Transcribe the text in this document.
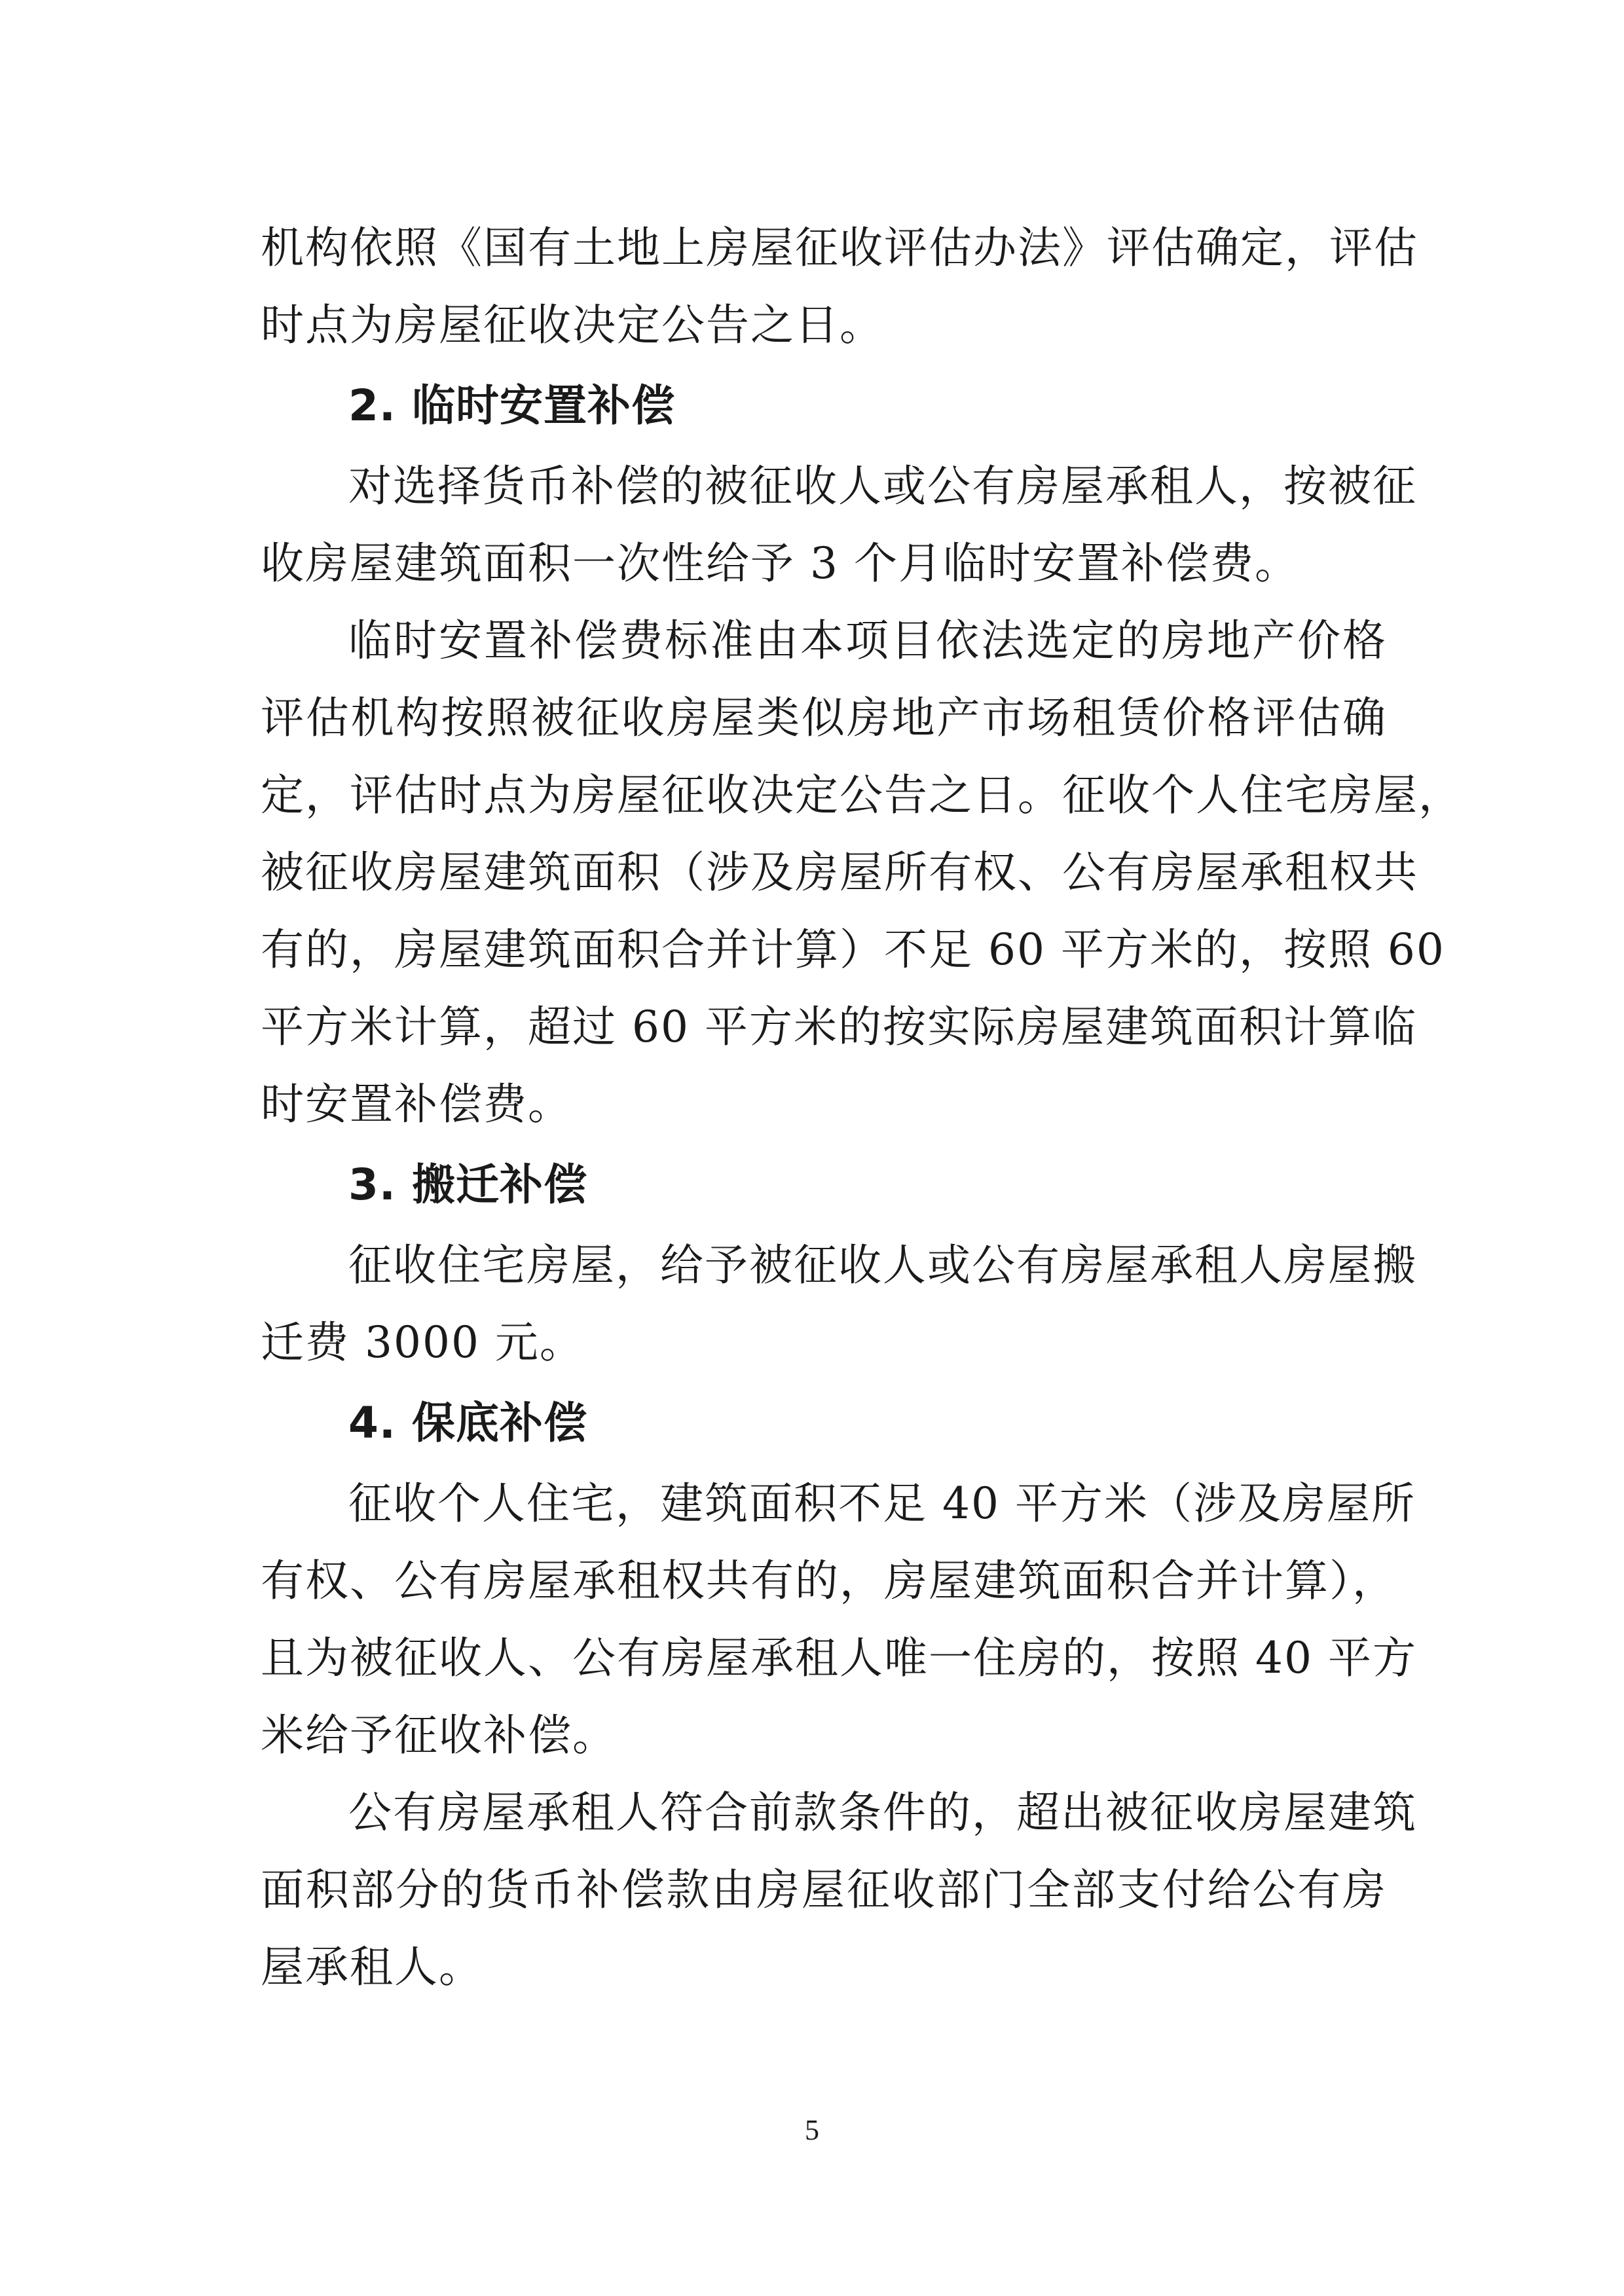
机构依照《国有土地上房屋征收评估办法》评估确定，评估
时点为房屋征收决定公告之日。
2. 临时安置补偿
对选择货币补偿的被征收人或公有房屋承租人，按被征
收房屋建筑面积一次性给予 3 个月临时安置补偿费。
临时安置补偿费标准由本项目依法选定的房地产价格
评估机构按照被征收房屋类似房地产市场租赁价格评估确
定，评估时点为房屋征收决定公告之日。征收个人住宅房屋，
被征收房屋建筑面积（涉及房屋所有权、公有房屋承租权共
有的，房屋建筑面积合并计算）不足 60 平方米的，按照 60
平方米计算，超过 60 平方米的按实际房屋建筑面积计算临
时安置补偿费。
3. 搬迁补偿
征收住宅房屋，给予被征收人或公有房屋承租人房屋搬
迁费 3000 元。
4. 保底补偿
征收个人住宅，建筑面积不足 40 平方米（涉及房屋所
有权、公有房屋承租权共有的，房屋建筑面积合并计算），
且为被征收人、公有房屋承租人唯一住房的，按照 40 平方
米给予征收补偿。
公有房屋承租人符合前款条件的，超出被征收房屋建筑
面积部分的货币补偿款由房屋征收部门全部支付给公有房
屋承租人。
5
